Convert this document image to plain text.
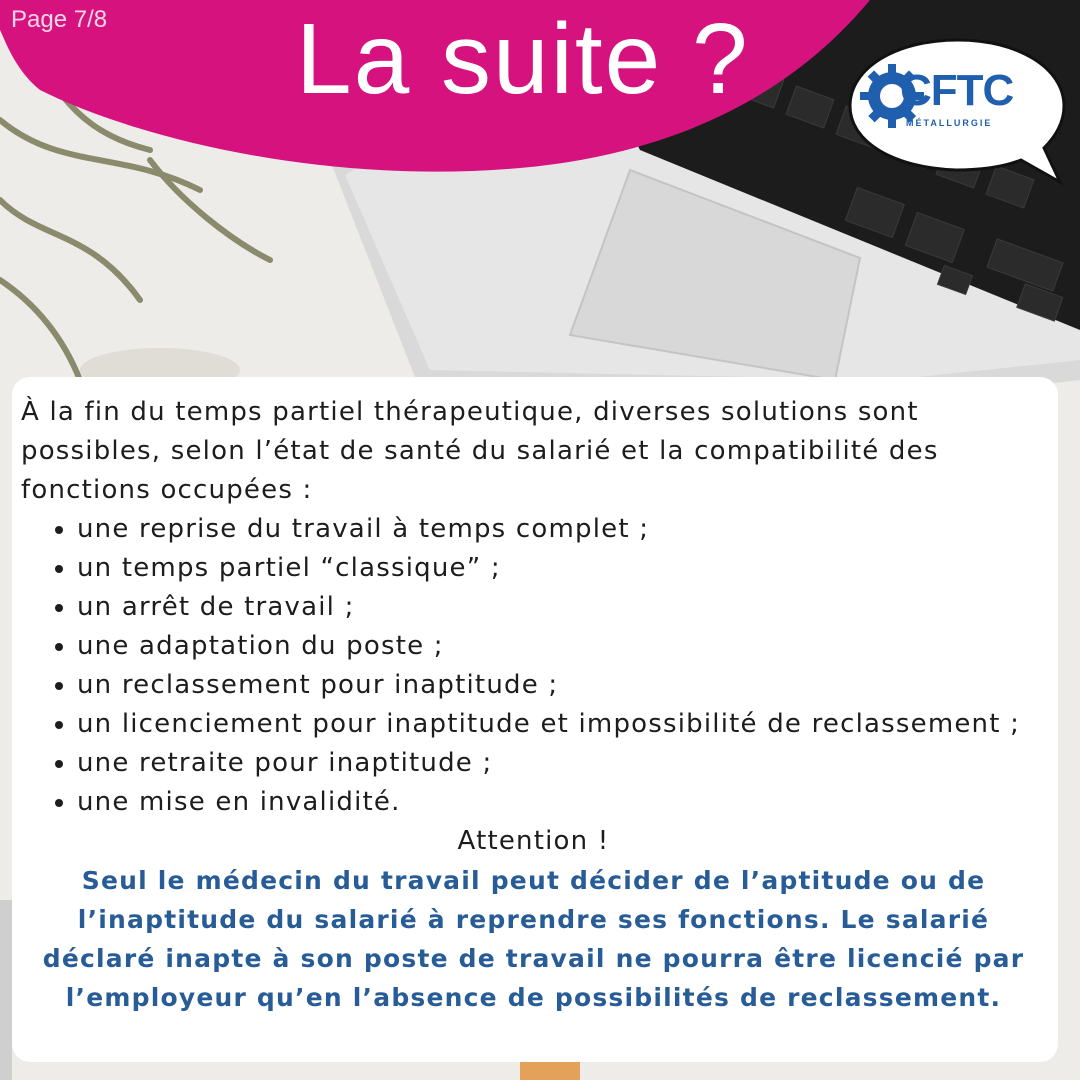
Page 7/8 La suite ?	CFTC
MÉTALLURGIE

À la fin du temps partiel thérapeutique, diverses solutions sont possibles, selon l’état de santé du salarié et la compatibilité des fonctions occupées :

• une reprise du travail à temps complet ;
• un temps partiel “classique” ;
• un arrêt de travail ;
• une adaptation du poste ;
• un reclassement pour inaptitude ;
• un licenciement pour inaptitude et impossibilité de reclassement ;
• une retraite pour inaptitude ;
• une mise en invalidité.
Attention !
Seul le médecin du travail peut décider de l’aptitude ou de l’inaptitude du salarié à reprendre ses fonctions. Le salarié déclaré inapte à son poste de travail ne pourra être licencié par l’employeur qu’en l’absence de possibilités de reclassement.
